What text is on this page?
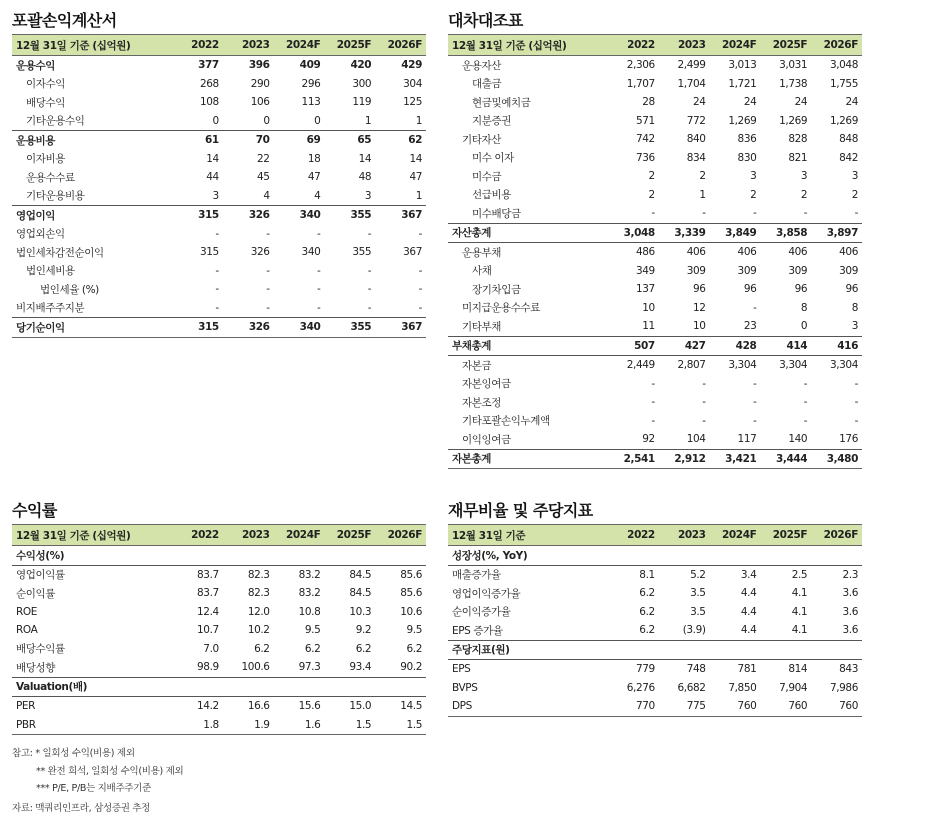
포괄손익계산서
12월 31일 기준 (십억원)	2022	2023	2024F	2025F	2026F
운용수익	377	396	409	420	429
이자수익	268	290	296	300	304
배당수익	108	106	113	119	125
기타운용수익	0	0	0	1	1
운용비용	61	70	69	65	62
이자비용	14	22	18	14	14
운용수수료	44	45	47	48	47
기타운용비용	3	4	4	3	1
영업이익	315	326	340	355	367
영업외손익	-	-	-	-	-
법인세차감전순이익	315	326	340	355	367
법인세비용	-	-	-	-	-
법인세율 (%)	-	-	-	-	-
비지배주주지분	-	-	-	-	-
당기순이익	315	326	340	355	367
대차대조표
12월 31일 기준 (십억원)	2022	2023	2024F	2025F	2026F
운용자산	2,306	2,499	3,013	3,031	3,048
대출금	1,707	1,704	1,721	1,738	1,755
현금및예치금	28	24	24	24	24
지분증권	571	772	1,269	1,269	1,269
기타자산	742	840	836	828	848
미수 이자	736	834	830	821	842
미수금	2	2	3	3	3
선급비용	2	1	2	2	2
미수배당금	-	-	-	-	-
자산총계	3,048	3,339	3,849	3,858	3,897
운용부채	486	406	406	406	406
사채	349	309	309	309	309
장기차입금	137	96	96	96	96
미지급운용수수료	10	12	-	8	8
기타부채	11	10	23	0	3
부채총계	507	427	428	414	416
자본금	2,449	2,807	3,304	3,304	3,304
자본잉여금	-	-	-	-	-
자본조정	-	-	-	-	-
기타포괄손익누계액	-	-	-	-	-
이익잉여금	92	104	117	140	176
자본총계	2,541	2,912	3,421	3,444	3,480
수익률
12월 31일 기준 (십억원)	2022	2023	2024F	2025F	2026F
수익성(%)					
영업이익률	83.7	82.3	83.2	84.5	85.6
순이익률	83.7	82.3	83.2	84.5	85.6
ROE	12.4	12.0	10.8	10.3	10.6
ROA	10.7	10.2	9.5	9.2	9.5
배당수익률	7.0	6.2	6.2	6.2	6.2
배당성향	98.9	100.6	97.3	93.4	90.2
Valuation(배)					
PER	14.2	16.6	15.6	15.0	14.5
PBR	1.8	1.9	1.6	1.5	1.5
참고: * 일회성 수익(비용) 제외
** 완전 희석, 일회성 수익(비용) 제외
*** P/E, P/B는 지배주주기준
자료: 맥쿼리인프라, 삼성증권 추정
재무비율 및 주당지표
12월 31일 기준	2022	2023	2024F	2025F	2026F
성장성(%, YoY)					
매출증가율	8.1	5.2	3.4	2.5	2.3
영업이익증가율	6.2	3.5	4.4	4.1	3.6
순이익증가율	6.2	3.5	4.4	4.1	3.6
EPS 증가율	6.2	(3.9)	4.4	4.1	3.6
주당지표(원)					
EPS	779	748	781	814	843
BVPS	6,276	6,682	7,850	7,904	7,986
DPS	770	775	760	760	760
